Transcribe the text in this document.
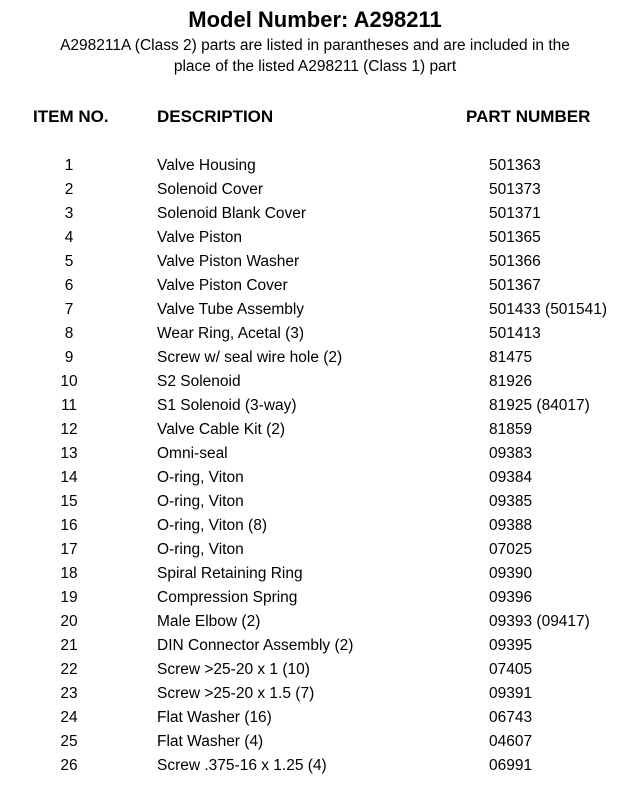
Model Number: A298211
A298211A (Class 2) parts are listed in parantheses and are included in the
place of the listed A298211 (Class 1) part
ITEM NO.	DESCRIPTION	PART NUMBER
1	Valve Housing	501363
2	Solenoid Cover	501373
3	Solenoid Blank Cover	501371
4	Valve Piston	501365
5	Valve Piston Washer	501366
6	Valve Piston Cover	501367
7	Valve Tube Assembly	501433 (501541)
8	Wear Ring, Acetal (3)	501413
9	Screw w/ seal wire hole (2)	81475
10	S2 Solenoid	81926
11	S1 Solenoid (3-way)	81925 (84017)
12	Valve Cable Kit (2)	81859
13	Omni-seal	09383
14	O-ring, Viton	09384
15	O-ring, Viton	09385
16	O-ring, Viton (8)	09388
17	O-ring, Viton	07025
18	Spiral Retaining Ring	09390
19	Compression Spring	09396
20	Male Elbow (2)	09393 (09417)
21	DIN Connector Assembly (2)	09395
22	Screw >25-20 x 1 (10)	07405
23	Screw >25-20 x 1.5 (7)	09391
24	Flat Washer (16)	06743
25	Flat Washer (4)	04607
26	Screw .375-16 x 1.25 (4)	06991
